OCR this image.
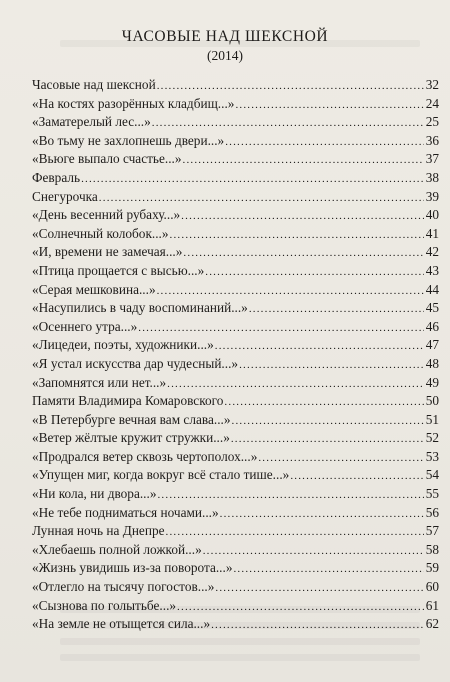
ЧАСОВЫЕ НАД ШЕКСНОЙ
(2014)
Часовые над шексной .....	32
«На костях разорённых кладбищ...» .....	24
«Заматерелый лес...» .....	25
«Во тьму не захлопнешь двери...» .....	36
«Вьюге выпало счастье...» .....	37
Февраль .....	38
Снегурочка .....	39
«День весенний рубаху...» .....	40
«Солнечный колобок...» .....	41
«И, времени не замечая...» .....	42
«Птица прощается с высью...» .....	43
«Серая мешковина...» .....	44
«Насупились в чаду воспоминаний...» .....	45
«Осеннего утра...» .....	46
«Лицедеи, поэты, художники...» .....	47
«Я устал искусства дар чудесный...» .....	48
«Запомнятся или нет...» .....	49
Памяти Владимира Комаровского .....	50
«В Петербурге вечная вам слава...» .....	51
«Ветер жёлтые кружит стружки...» .....	52
«Продрался ветер сквозь чертополох...» .....	53
«Упущен миг, когда вокруг всё стало тише...» .....	54
«Ни кола, ни двора...» .....	55
«Не тебе подниматься ночами...» .....	56
Лунная ночь на Днепре .....	57
«Хлебаешь полной ложкой...» .....	58
«Жизнь увидишь из-за поворота...» .....	59
«Отлегло на тысячу погостов...» .....	60
«Сызнова по голытьбе...» .....	61
«На земле не отыщется сила...» .....	62
